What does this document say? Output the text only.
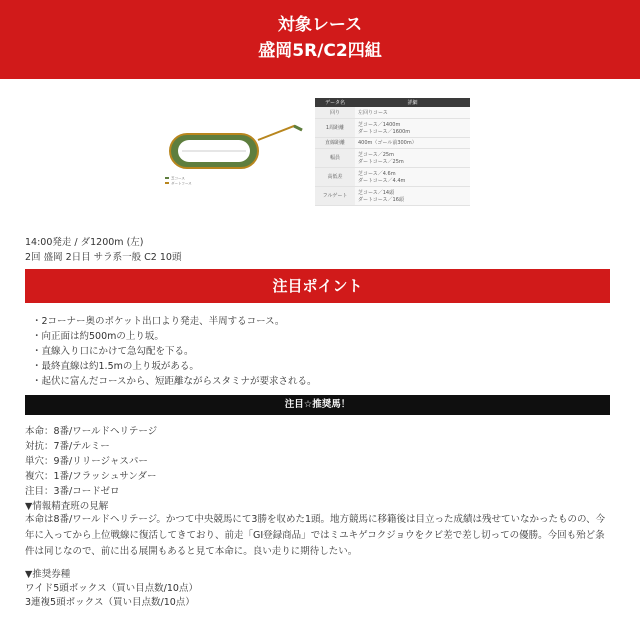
対象レース
盛岡5R/C2四組
芝コース
ダートコース
データ名	詳細
回り	左回りコース

1周距離	芝コース／1400m
ダートコース／1600m

直線距離	400m（ゴール前300m）

幅員	芝コース／25m
ダートコース／25m

高低差	芝コース／4.6m
ダートコース／4.4m

フルゲート	芝コース／14頭
ダートコース／16頭
14:00発走 / ダ1200m (左)
2回 盛岡 2日目 サラ系一般 C2 10頭
注目ポイント
・2コーナー奥のポケット出口より発走、半周するコース。
・向正面は約500mの上り坂。
・直線入り口にかけて急勾配を下る。
・最終直線は約1.5mの上り坂がある。
・起伏に富んだコースから、短距離ながらスタミナが要求される。
注目☆推奨馬！
本命：8番/ワールドヘリテージ
対抗：7番/テルミー
単穴：9番/リリージャスパー
複穴：1番/フラッシュサンダー
注目：3番/コードゼロ
▼情報精査班の見解

本命は8番/ワールドヘリテージ。かつて中央競馬にて3勝を収めた1頭。地方競馬に移籍後は目立った成績は残せていなかったものの、今年に入ってから上位戦線に復活してきており、前走「GI登録商品」ではミユキゲコクジョウをクビ差で差し切っての優勝。今回も殆ど条件は同じなので、前に出る展開もあると見て本命に。良い走りに期待したい。

▼推奨券種
ワイド5頭ボックス（買い目点数/10点）
3連複5頭ボックス（買い目点数/10点）
